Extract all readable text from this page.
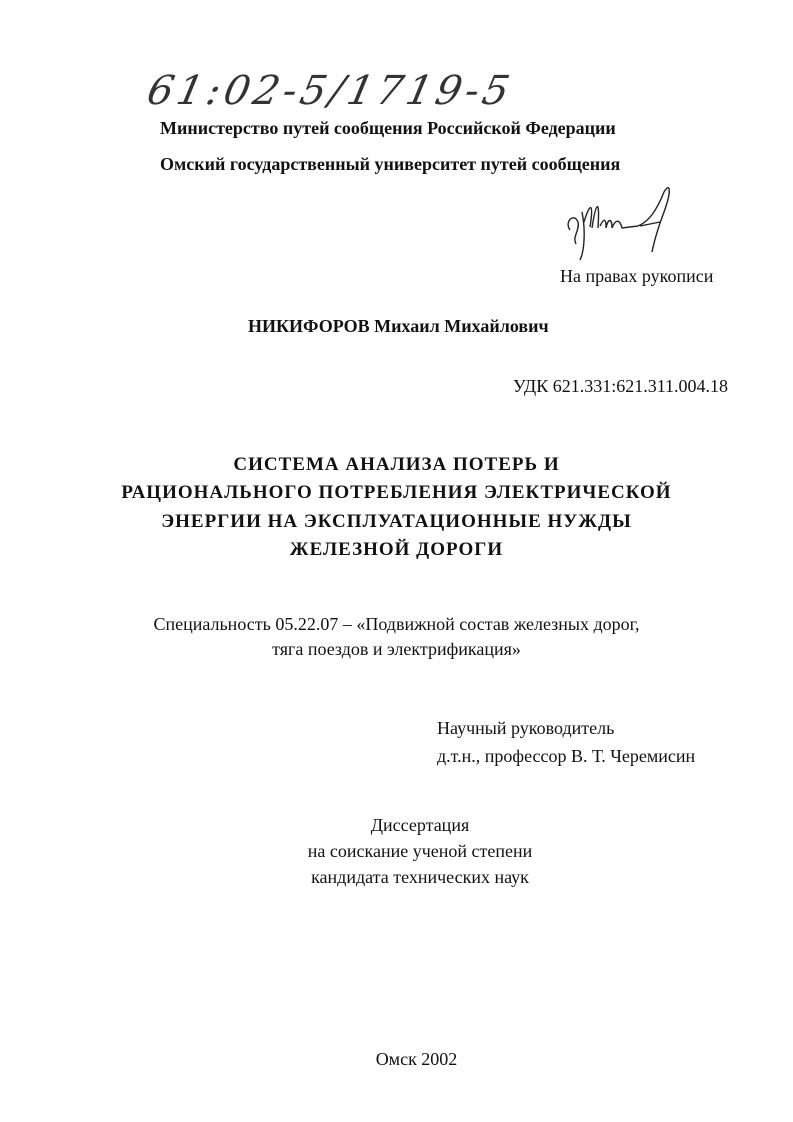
61:02-5/1719-5
Министерство путей сообщения Российской Федерации
Омский государственный университет путей сообщения
На правах рукописи
НИКИФОРОВ Михаил Михайлович
УДК 621.331:621.311.004.18
СИСТЕМА АНАЛИЗА ПОТЕРЬ И
РАЦИОНАЛЬНОГО ПОТРЕБЛЕНИЯ ЭЛЕКТРИЧЕСКОЙ
ЭНЕРГИИ НА ЭКСПЛУАТАЦИОННЫЕ НУЖДЫ
ЖЕЛЕЗНОЙ ДОРОГИ
Специальность 05.22.07 – «Подвижной состав железных дорог,
тяга поездов и электрификация»
Научный руководитель
д.т.н., профессор В. Т. Черемисин
Диссертация
на соискание ученой степени
кандидата технических наук
Омск 2002
